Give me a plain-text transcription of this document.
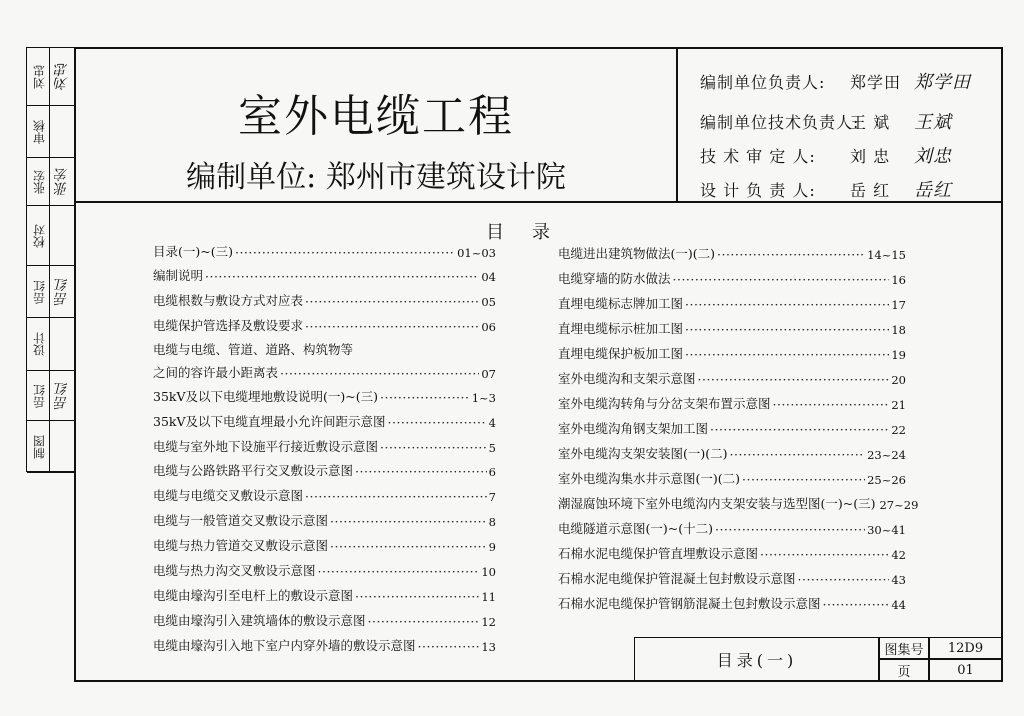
刘忠 刘忠
审核
张宏 张宏
校对
岳红 岳红
设计
岳红 岳红
制图
室外电缆工程
编制单位: 郑州市建筑设计院
编制单位负责人: 郑学田 郑学田
编制单位技术负责人:王 斌 王斌
技 术 审 定 人: 刘 忠 刘忠
设 计 负 责 人: 岳 红 岳红
目录
目录(一)~(三) ·····	01~03
编制说明 ·····	04
电缆根数与敷设方式对应表 ·····	05
电缆保护管选择及敷设要求 ·····	06
电缆与电缆、管道、道路、构筑物等
之间的容许最小距离表 ·····	07
35kV及以下电缆埋地敷设说明(一)~(三) ·····	1~3
35kV及以下电缆直埋最小允许间距示意图 ·····	4
电缆与室外地下设施平行接近敷设示意图 ·····	5
电缆与公路铁路平行交叉敷设示意图 ·····	6
电缆与电缆交叉敷设示意图 ·····	7
电缆与一般管道交叉敷设示意图 ·····	8
电缆与热力管道交叉敷设示意图 ·····	9
电缆与热力沟交叉敷设示意图 ·····	10
电缆由壕沟引至电杆上的敷设示意图 ·····	11
电缆由壕沟引入建筑墙体的敷设示意图 ·····	12
电缆由壕沟引入地下室户内穿外墙的敷设示意图 ·····	13
电缆进出建筑物做法(一)(二) ·····	14~15
电缆穿墙的防水做法 ·····	16
直埋电缆标志牌加工图 ·····	17
直埋电缆标示桩加工图 ·····	18
直埋电缆保护板加工图 ·····	19
室外电缆沟和支架示意图 ·····	20
室外电缆沟转角与分岔支架布置示意图 ·····	21
室外电缆沟角钢支架加工图 ·····	22
室外电缆沟支架安装图(一)(二) ·····	23~24
室外电缆沟集水井示意图(一)(二) ·····	25~26
潮湿腐蚀环境下室外电缆沟内支架安装与选型图(一)~(三) 27~29
电缆隧道示意图(一)~(十二) ·····	30~41
石棉水泥电缆保护管直埋敷设示意图 ·····	42
石棉水泥电缆保护管混凝土包封敷设示意图 ·····	43
石棉水泥电缆保护管钢筋混凝土包封敷设示意图 ·····	44
目录(一)
图集号	12D9
页	01
